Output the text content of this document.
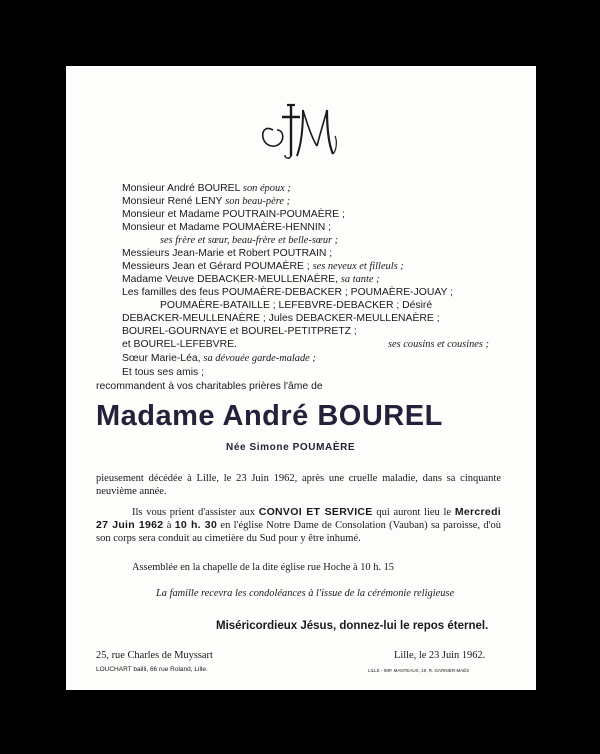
Monsieur André BOUREL son époux ;
Monsieur René LENY son beau-père ;
Monsieur et Madame POUTRAIN-POUMAÈRE ;
Monsieur et Madame POUMAÈRE-HENNIN ;
ses frère et sœur, beau-frère et belle-sœur ;
Messieurs Jean-Marie et Robert POUTRAIN ;
Messieurs Jean et Gérard POUMAÈRE ; ses neveux et filleuls ;
Madame Veuve DEBACKER-MEULLENAÈRE, sa tante ;
Les familles des feus POUMAÈRE-DEBACKER ; POUMAÈRE-JOUAY ;
POUMAÈRE-BATAILLE ; LEFEBVRE-DEBACKER ; Désiré
DEBACKER-MEULLENAÈRE ; Jules DEBACKER-MEULLENAÈRE ;
BOUREL-GOURNAYE et BOUREL-PETITPRETZ ;
et BOUREL-LEFEBVRE.	ses cousins et cousines ;
Sœur Marie-Léa, sa dévouée garde-malade ;
Et tous ses amis ;
recommandent à vos charitables prières l'âme de
Madame André BOUREL
Née Simone POUMAÈRE
pieusement décédée à Lille, le 23 Juin 1962, après une cruelle maladie, dans sa cinquante neuvième année.
Ils vous prient d'assister aux CONVOI ET SERVICE qui auront lieu le Mercredi 27 Juin 1962 à 10 h. 30 en l'église Notre Dame de Consolation (Vauban) sa paroisse, d'où son corps sera conduit au cimetière du Sud pour y être inhumé.
Assemblée en la chapelle de la dite église rue Hoche à 10 h. 15
La famille recevra les condoléances à l'issue de la cérémonie religieuse
Miséricordieux Jésus, donnez-lui le repos éternel.
25, rue Charles de Muyssart	Lille, le 23 Juin 1962.
LOUCHART bailli, 66 rue Roland, Lille.	LILLE - IMP. MANTEAUX, 19, R. GARNIER-MAËS
